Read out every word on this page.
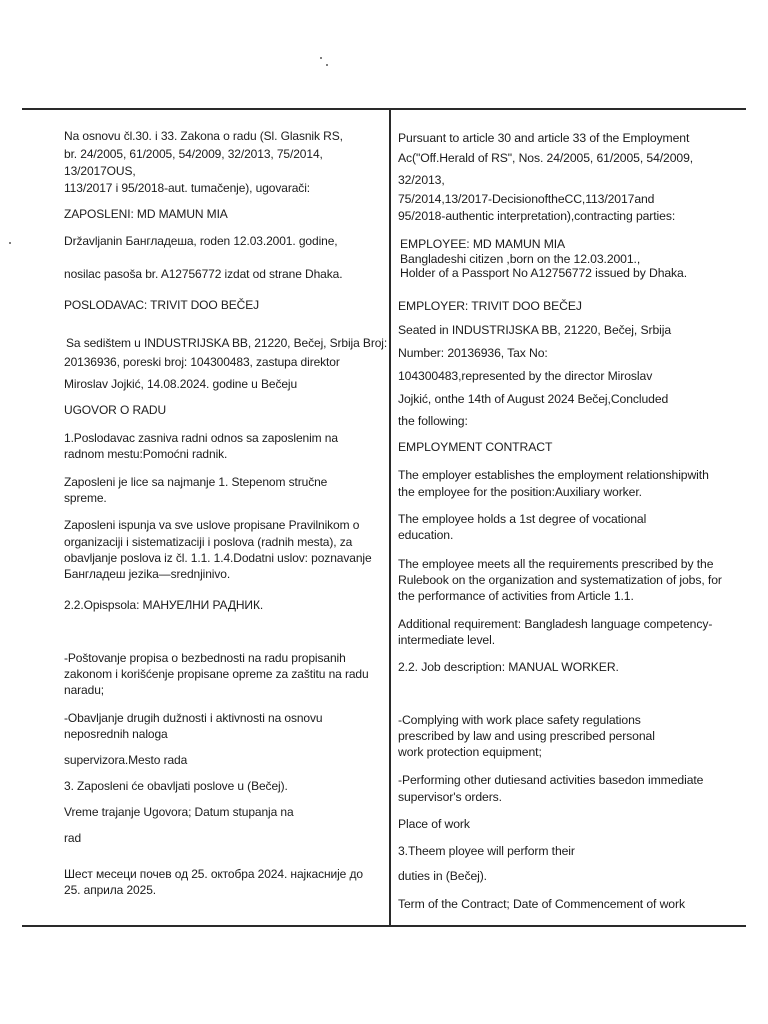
Na osnovu čl.30. i 33. Zakona o radu (Sl. Glasnik RS,
br. 24/2005, 61/2005, 54/2009, 32/2013, 75/2014,
13/2017OUS,
113/2017 i 95/2018-aut. tumačenje), ugovarači:
ZAPOSLENI: MD MAMUN MIA
Državljanin Бангладеша, roden 12.03.2001. godine,
nosilac pasoša br. A12756772 izdat od strane Dhaka.
POSLODAVAC: TRIVIT DOO BEČEJ
Sa sedištem u INDUSTRIJSKA BB, 21220, Bečej, Srbija Broj:
20136936, poreski broj: 104300483, zastupa direktor
Miroslav Jojkić, 14.08.2024. godine u Bečeju
UGOVOR O RADU
1.Poslodavac zasniva radni odnos sa zaposlenim na
radnom mestu:Pomoćni radnik.
Zaposleni je lice sa najmanje 1. Stepenom stručne
spreme.
Zaposleni ispunja va sve uslove propisane Pravilnikom o
organizaciji i sistematizaciji i poslova (radnih mesta), za
obavljanje poslova iz čl. 1.1. 1.4.Dodatni uslov: poznavanje
Бангладеш jezika—srednjinivo.
2.2.Opispsola: МАНУЕЛНИ РАДНИК.
-Poštovanje propisa o bezbednosti na radu propisanih
zakonom i korišćenje propisane opreme za zaštitu na radu
naradu;
-Obavljanje drugih dužnosti i aktivnosti na osnovu
neposrednih naloga
supervizora.Mesto rada
3. Zaposleni će obavljati poslove u (Bečej).
Vreme trajanje Ugovora; Datum stupanja na
rad
Шест месеци почев од 25. октобра 2024. најкасније до
25. априла 2025.
Pursuant to article 30 and article 33 of the Employment
Ac("Off.Herald of RS", Nos. 24/2005, 61/2005, 54/2009,
32/2013,
75/2014,13/2017-DecisionoftheCC,113/2017and
95/2018-authentic interpretation),contracting parties:
EMPLOYEE: MD MAMUN MIA
Bangladeshi citizen ,born on the 12.03.2001.,
Holder of a Passport No A12756772 issued by Dhaka.
EMPLOYER: TRIVIT DOO BEČEJ
Seated in INDUSTRIJSKA BB, 21220, Bečej, Srbija
Number: 20136936, Tax No:
104300483,represented by the director Miroslav
Jojkić, onthe 14th of August 2024 Bečej,Concluded
the following:
EMPLOYMENT CONTRACT
The employer establishes the employment relationshipwith
the employee for the position:Auxiliary worker.
The employee holds a 1st degree of vocational
education.
The employee meets all the requirements prescribed by the
Rulebook on the organization and systematization of jobs, for
the performance of activities from Article 1.1.
Additional requirement: Bangladesh language competency-
intermediate level.
2.2. Job description: MANUAL WORKER.
-Complying with work place safety regulations
prescribed by law and using prescribed personal
work protection equipment;
-Performing other dutiesand activities basedon immediate
supervisor's orders.
Place of work
3.Theem ployee will perform their
duties in (Bečej).
Term of the Contract; Date of Commencement of work
